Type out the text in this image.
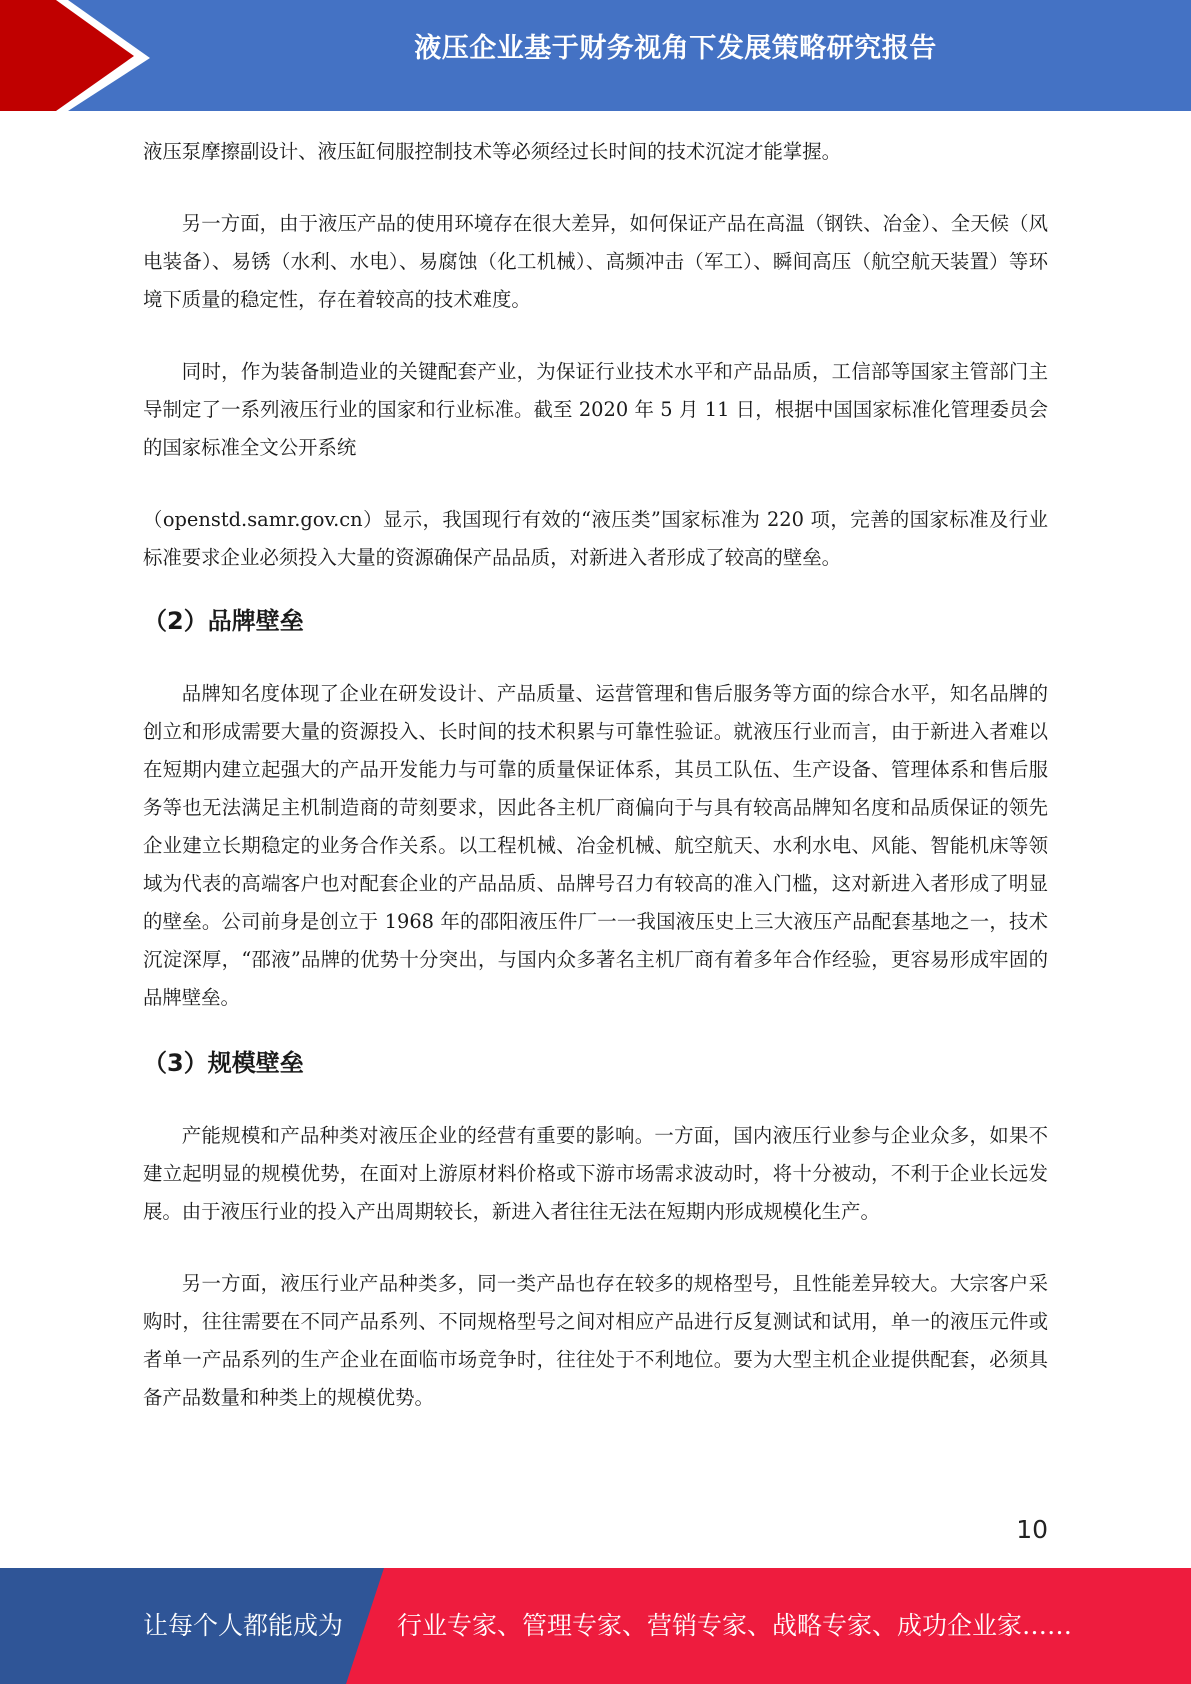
液压企业基于财务视角下发展策略研究报告

液压泵摩擦副设计、液压缸伺服控制技术等必须经过长时间的技术沉淀才能掌握。

另一方面，由于液压产品的使用环境存在很大差异，如何保证产品在高温（钢铁、冶金）、全天候（风电装备）、易锈（水利、水电）、易腐蚀（化工机械）、高频冲击（军工）、瞬间高压（航空航天装置）等环境下质量的稳定性，存在着较高的技术难度。

同时，作为装备制造业的关键配套产业，为保证行业技术水平和产品品质，工信部等国家主管部门主导制定了一系列液压行业的国家和行业标准。截至 2020 年 5 月 11 日，根据中国国家标准化管理委员会的国家标准全文公开系统

（openstd.samr.gov.cn）显示，我国现行有效的“液压类”国家标准为 220 项，完善的国家标准及行业标准要求企业必须投入大量的资源确保产品品质，对新进入者形成了较高的壁垒。

（2）品牌壁垒

品牌知名度体现了企业在研发设计、产品质量、运营管理和售后服务等方面的综合水平，知名品牌的创立和形成需要大量的资源投入、长时间的技术积累与可靠性验证。就液压行业而言，由于新进入者难以在短期内建立起强大的产品开发能力与可靠的质量保证体系，其员工队伍、生产设备、管理体系和售后服务等也无法满足主机制造商的苛刻要求，因此各主机厂商偏向于与具有较高品牌知名度和品质保证的领先企业建立长期稳定的业务合作关系。以工程机械、冶金机械、航空航天、水利水电、风能、智能机床等领域为代表的高端客户也对配套企业的产品品质、品牌号召力有较高的准入门槛，这对新进入者形成了明显的壁垒。公司前身是创立于 1968 年的邵阳液压件厂一一我国液压史上三大液压产品配套基地之一，技术沉淀深厚，“邵液”品牌的优势十分突出，与国内众多著名主机厂商有着多年合作经验，更容易形成牢固的品牌壁垒。

（3）规模壁垒

产能规模和产品种类对液压企业的经营有重要的影响。一方面，国内液压行业参与企业众多，如果不建立起明显的规模优势，在面对上游原材料价格或下游市场需求波动时，将十分被动，不利于企业长远发展。由于液压行业的投入产出周期较长，新进入者往往无法在短期内形成规模化生产。

另一方面，液压行业产品种类多，同一类产品也存在较多的规格型号，且性能差异较大。大宗客户采购时，往往需要在不同产品系列、不同规格型号之间对相应产品进行反复测试和试用，单一的液压元件或者单一产品系列的生产企业在面临市场竞争时，往往处于不利地位。要为大型主机企业提供配套，必须具备产品数量和种类上的规模优势。

10
让每个人都能成为 行业专家、管理专家、营销专家、战略专家、成功企业家……
